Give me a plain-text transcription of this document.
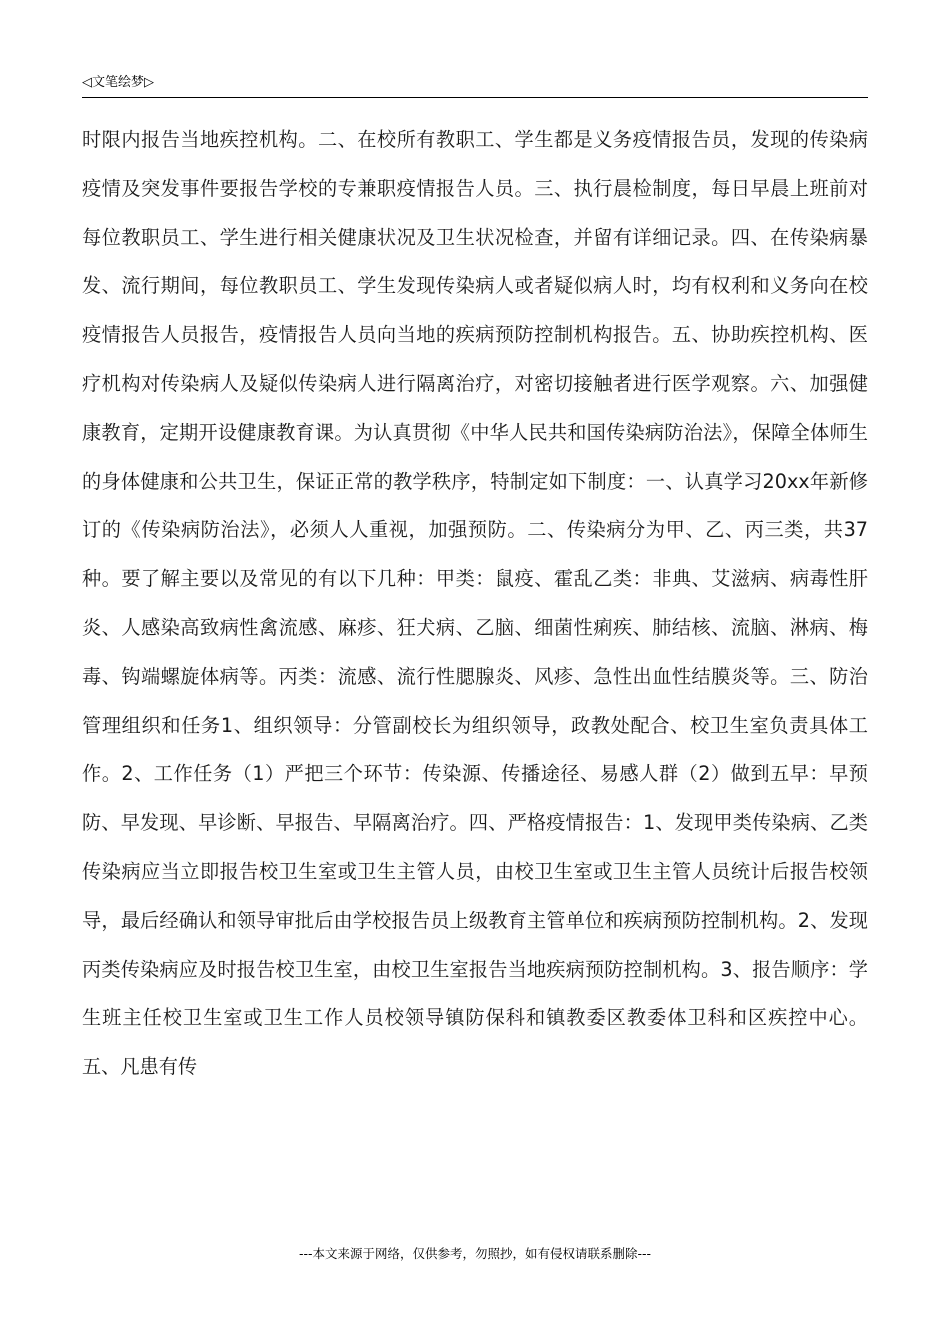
◁文笔绘梦▷
时限内报告当地疾控机构。二、在校所有教职工、学生都是义务疫情报告员，发现的传染病疫情及突发事件要报告学校的专兼职疫情报告人员。三、执行晨检制度，每日早晨上班前对每位教职员工、学生进行相关健康状况及卫生状况检查，并留有详细记录。四、在传染病暴发、流行期间，每位教职员工、学生发现传染病人或者疑似病人时，均有权利和义务向在校疫情报告人员报告，疫情报告人员向当地的疾病预防控制机构报告。五、协助疾控机构、医疗机构对传染病人及疑似传染病人进行隔离治疗，对密切接触者进行医学观察。六、加强健康教育，定期开设健康教育课。为认真贯彻《中华人民共和国传染病防治法》，保障全体师生的身体健康和公共卫生，保证正常的教学秩序，特制定如下制度：一、认真学习20xx年新修订的《传染病防治法》，必须人人重视，加强预防。二、传染病分为甲、乙、丙三类，共37种。要了解主要以及常见的有以下几种：甲类：鼠疫、霍乱乙类：非典、艾滋病、病毒性肝炎、人感染高致病性禽流感、麻疹、狂犬病、乙脑、细菌性痢疾、肺结核、流脑、淋病、梅毒、钩端螺旋体病等。丙类：流感、流行性腮腺炎、风疹、急性出血性结膜炎等。三、防治管理组织和任务1、组织领导：分管副校长为组织领导，政教处配合、校卫生室负责具体工作。2、工作任务（1）严把三个环节：传染源、传播途径、易感人群（2）做到五早：早预防、早发现、早诊断、早报告、早隔离治疗。四、严格疫情报告：1、发现甲类传染病、乙类传染病应当立即报告校卫生室或卫生主管人员，由校卫生室或卫生主管人员统计后报告校领导，最后经确认和领导审批后由学校报告员上级教育主管单位和疾病预防控制机构。2、发现丙类传染病应及时报告校卫生室，由校卫生室报告当地疾病预防控制机构。3、报告顺序：学生班主任校卫生室或卫生工作人员校领导镇防保科和镇教委区教委体卫科和区疾控中心。五、凡患有传
---本文来源于网络，仅供参考，勿照抄，如有侵权请联系删除---
